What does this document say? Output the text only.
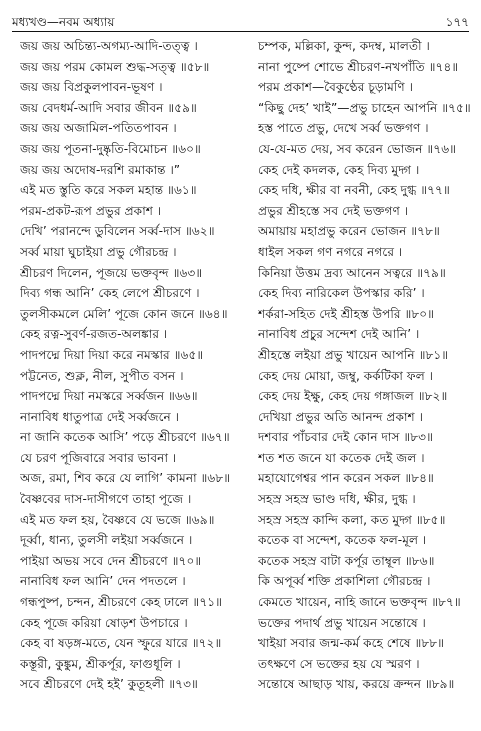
মধ্যখণ্ড—নবম অধ্যায়	১৭৭
জয় জয় অচিন্ত্য-অগম্য-আদি-তত্ত্ব ।
জয় জয় পরম কোমল শুদ্ধ-সত্ত্ব ॥৫৮॥
জয় জয় বিপ্রকুলপাবন-ভূষণ ।
জয় বেদধর্ম-আদি সবার জীবন ॥৫৯॥
জয় জয় অজামিল-পতিতপাবন ।
জয় জয় পূতনা-দুষ্কৃতি-বিমোচন ॥৬০॥
জয় জয় অদোষ-দরশি রমাকান্ত ।”
এই মত স্তুতি করে সকল মহান্ত ॥৬১॥
পরম-প্রকট-রূপ প্রভুর প্রকাশ ।
দেখি’ পরানন্দে ডুবিলেন সর্ব্ব-দাস ॥৬২॥
সর্ব্ব মায়া ঘুচাইয়া প্রভু গৌরচন্দ্র ।
শ্রীচরণ দিলেন, পূজয়ে ভক্তবৃন্দ ॥৬৩॥
দিব্য গন্ধ আনি’ কেহ লেপে শ্রীচরণে ।
তুলসীকমলে মেলি’ পূজে কোন জনে ॥৬৪॥
কেহ রত্ন-সুবর্ণ-রজত-অলঙ্কার ।
পাদপদ্মে দিয়া দিয়া করে নমস্কার ॥৬৫॥
পট্টনেত, শুক্ল, নীল, সুপীত বসন ।
পাদপদ্মে দিয়া নমস্করে সর্ব্বজন ॥৬৬॥
নানাবিধ ধাতুপাত্র দেই সর্ব্বজনে ।
না জানি কতেক আসি’ পড়ে শ্রীচরণে ॥৬৭॥
যে চরণ পূজিবারে সবার ভাবনা ।
অজ, রমা, শিব করে যে লাগি’ কামনা ॥৬৮॥
বৈষ্ণবের দাস-দাসীগণে তাহা পূজে ।
এই মত ফল হয়, বৈষ্ণবে যে ভজে ॥৬৯॥
দূর্ব্বা, ধান্য, তুলসী লইয়া সর্ব্বজনে ।
পাইয়া অভয় সবে দেন শ্রীচরণে ॥৭০॥
নানাবিধ ফল আনি’ দেন পদতলে ।
গন্ধপুষ্প, চন্দন, শ্রীচরণে কেহ ঢালে ॥৭১॥
কেহ পূজে করিয়া ষোড়শ উপচারে ।
কেহ বা ষড়ঙ্গ-মতে, যেন স্ফুরে যারে ॥৭২॥
কস্তূরী, কুঙ্কুম, শ্রীকর্পূর, ফাগুধূলি ।
সবে শ্রীচরণে দেই হই’ কুতূহলী ॥৭৩॥
চম্পক, মল্লিকা, কুন্দ, কদম্ব, মালতী ।
নানা পুষ্পে শোভে শ্রীচরণ-নখপাঁতি ॥৭৪॥
পরম প্রকাশ—বৈকুণ্ঠের চূড়ামণি ।
“কিছু দেহ’ খাই”—প্রভু চাহেন আপনি ॥৭৫॥
হস্ত পাতে প্রভু, দেখে সর্ব্ব ভক্তগণ ।
যে-যে-মত দেয়, সব করেন ভোজন ॥৭৬॥
কেহ দেই কদলক, কেহ দিব্য মুদ্গ ।
কেহ দধি, ক্ষীর বা নবনী, কেহ দুগ্ধ ॥৭৭॥
প্রভুর শ্রীহস্তে সব দেই ভক্তগণ ।
অমায়ায় মহাপ্রভু করেন ভোজন ॥৭৮॥
ধাইল সকল গণ নগরে নগরে ।
কিনিয়া উত্তম দ্রব্য আনেন সত্বরে ॥৭৯॥
কেহ দিব্য নারিকেল উপস্কার করি’ ।
শর্করা-সহিত দেই শ্রীহস্ত উপরি ॥৮০॥
নানাবিধ প্রচুর সন্দেশ দেই আনি’ ।
শ্রীহস্তে লইয়া প্রভু খায়েন আপনি ॥৮১॥
কেহ দেয় মোয়া, জম্বু, কর্কটিকা ফল ।
কেহ দেয় ইক্ষু, কেহ দেয় গঙ্গাজল ॥৮২॥
দেখিয়া প্রভুর অতি আনন্দ প্রকাশ ।
দশবার পাঁচবার দেই কোন দাস ॥৮৩॥
শত শত জনে যা কতেক দেই জল ।
মহাযোগেশ্বর পান করেন সকল ॥৮৪॥
সহস্র সহস্র ভাণ্ড দধি, ক্ষীর, দুগ্ধ ।
সহস্র সহস্র কান্দি কলা, কত মুদ্গ ॥৮৫॥
কতেক বা সন্দেশ, কতেক ফল-মূল ।
কতেক সহস্র বাটা কর্পূর তাম্বূল ॥৮৬॥
কি অপূর্ব্ব শক্তি প্রকাশিলা গৌরচন্দ্র ।
কেমতে খায়েন, নাহি জানে ভক্তবৃন্দ ॥৮৭॥
ভক্তের পদার্থ প্রভু খায়েন সন্তোষে ।
খাইয়া সবার জন্ম-কর্ম কহে শেষে ॥৮৮॥
তৎক্ষণে সে ভক্তের হয় যে স্মরণ ।
সন্তোষে আছাড় খায়, করয়ে ক্রন্দন ॥৮৯॥
